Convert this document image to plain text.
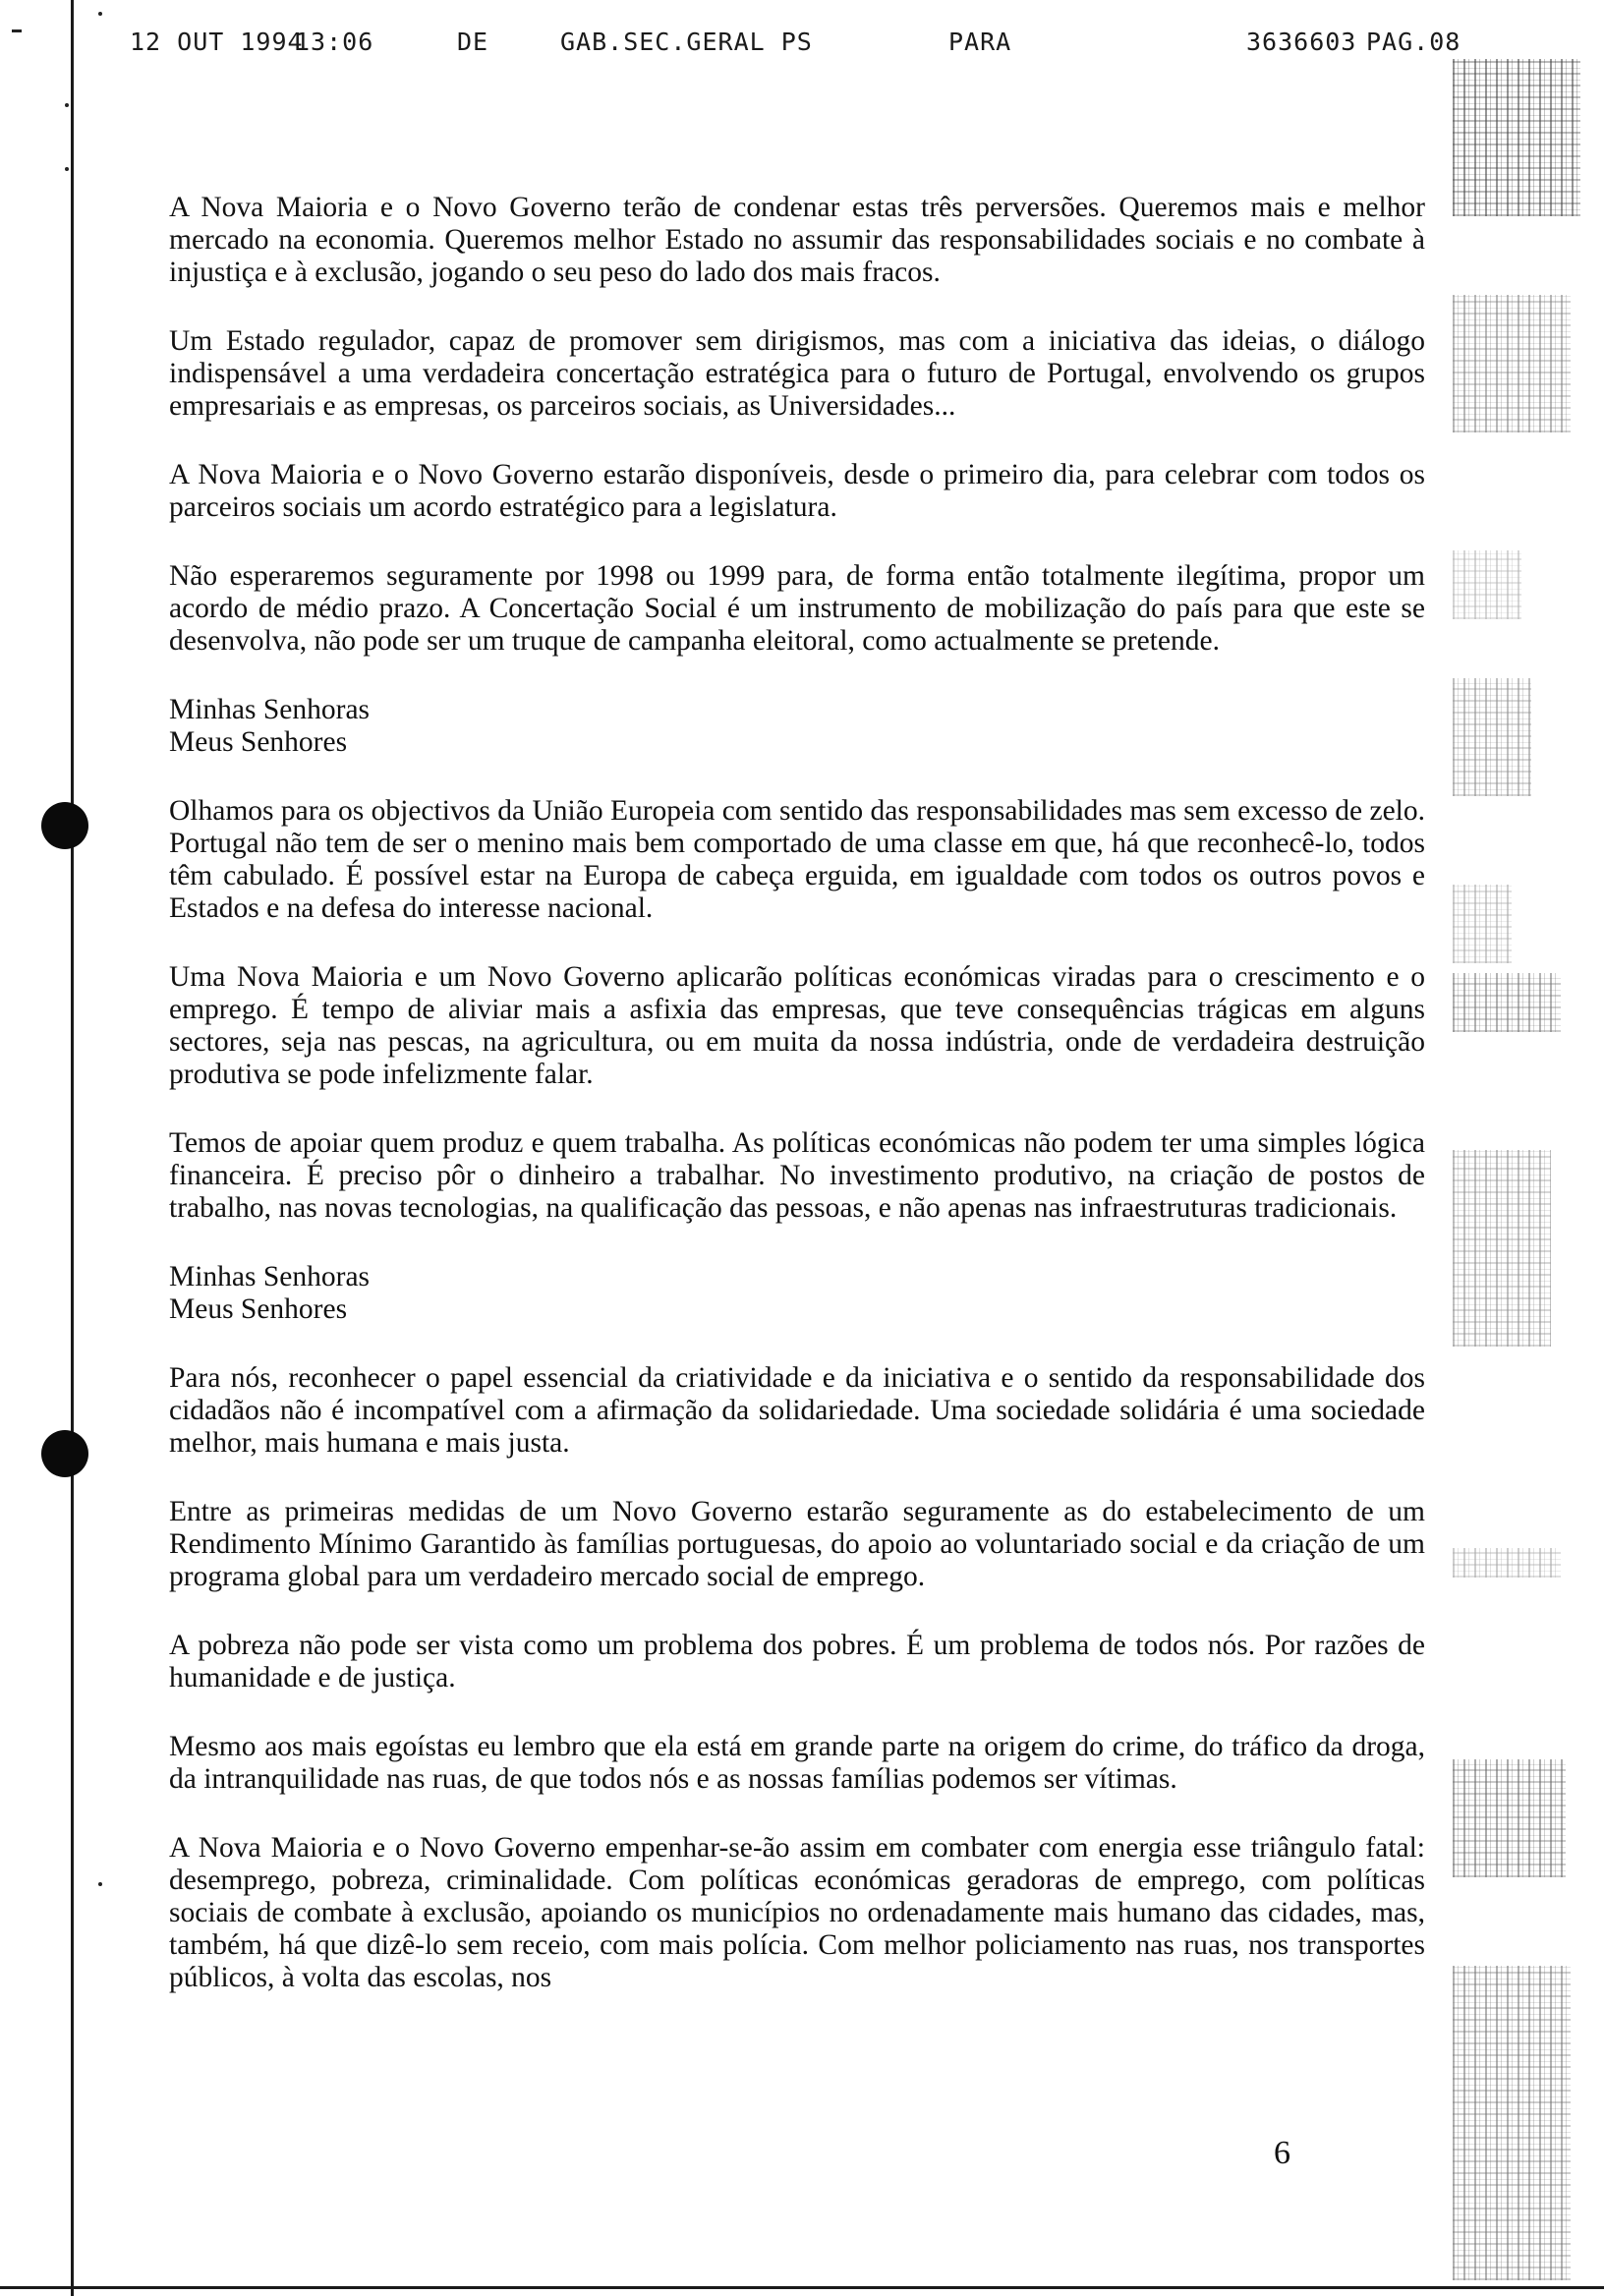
12 OUT 1994
13:06	DE	GAB.SEC.GERAL PS	PARA	3636603 PAG.08

A Nova Maioria e o Novo Governo terão de condenar estas três perversões. Queremos mais e melhor mercado na economia. Queremos melhor Estado no assumir das responsabilidades sociais e no combate à injustiça e à exclusão, jogando o seu peso do lado dos mais fracos.

Um Estado regulador, capaz de promover sem dirigismos, mas com a iniciativa das ideias, o diálogo indispensável a uma verdadeira concertação estratégica para o futuro de Portugal, envolvendo os grupos empresariais e as empresas, os parceiros sociais, as Universidades...

A Nova Maioria e o Novo Governo estarão disponíveis, desde o primeiro dia, para celebrar com todos os parceiros sociais um acordo estratégico para a legislatura.

Não esperaremos seguramente por 1998 ou 1999 para, de forma então totalmente ilegítima, propor um acordo de médio prazo. A Concertação Social é um instrumento de mobilização do país para que este se desenvolva, não pode ser um truque de campanha eleitoral, como actualmente se pretende.

Minhas Senhoras
Meus Senhores

Olhamos para os objectivos da União Europeia com sentido das responsabilidades mas sem excesso de zelo. Portugal não tem de ser o menino mais bem comportado de uma classe em que, há que reconhecê-lo, todos têm cabulado. É possível estar na Europa de cabeça erguida, em igualdade com todos os outros povos e Estados e na defesa do interesse nacional.

Uma Nova Maioria e um Novo Governo aplicarão políticas económicas viradas para o crescimento e o emprego. É tempo de aliviar mais a asfixia das empresas, que teve consequências trágicas em alguns sectores, seja nas pescas, na agricultura, ou em muita da nossa indústria, onde de verdadeira destruição produtiva se pode infelizmente falar.

Temos de apoiar quem produz e quem trabalha. As políticas económicas não podem ter uma simples lógica financeira. É preciso pôr o dinheiro a trabalhar. No investimento produtivo, na criação de postos de trabalho, nas novas tecnologias, na qualificação das pessoas, e não apenas nas infraestruturas tradicionais.

Minhas Senhoras
Meus Senhores

Para nós, reconhecer o papel essencial da criatividade e da iniciativa e o sentido da responsabilidade dos cidadãos não é incompatível com a afirmação da solidariedade. Uma sociedade solidária é uma sociedade melhor, mais humana e mais justa.

Entre as primeiras medidas de um Novo Governo estarão seguramente as do estabelecimento de um Rendimento Mínimo Garantido às famílias portuguesas, do apoio ao voluntariado social e da criação de um programa global para um verdadeiro mercado social de emprego.

A pobreza não pode ser vista como um problema dos pobres. É um problema de todos nós. Por razões de humanidade e de justiça.

Mesmo aos mais egoístas eu lembro que ela está em grande parte na origem do crime, do tráfico da droga, da intranquilidade nas ruas, de que todos nós e as nossas famílias podemos ser vítimas.

A Nova Maioria e o Novo Governo empenhar-se-ão assim em combater com energia esse triângulo fatal: desemprego, pobreza, criminalidade. Com políticas económicas geradoras de emprego, com políticas sociais de combate à exclusão, apoiando os municípios no ordenadamente mais humano das cidades, mas, também, há que dizê-lo sem receio, com mais polícia. Com melhor policiamento nas ruas, nos transportes públicos, à volta das escolas, nos

6
